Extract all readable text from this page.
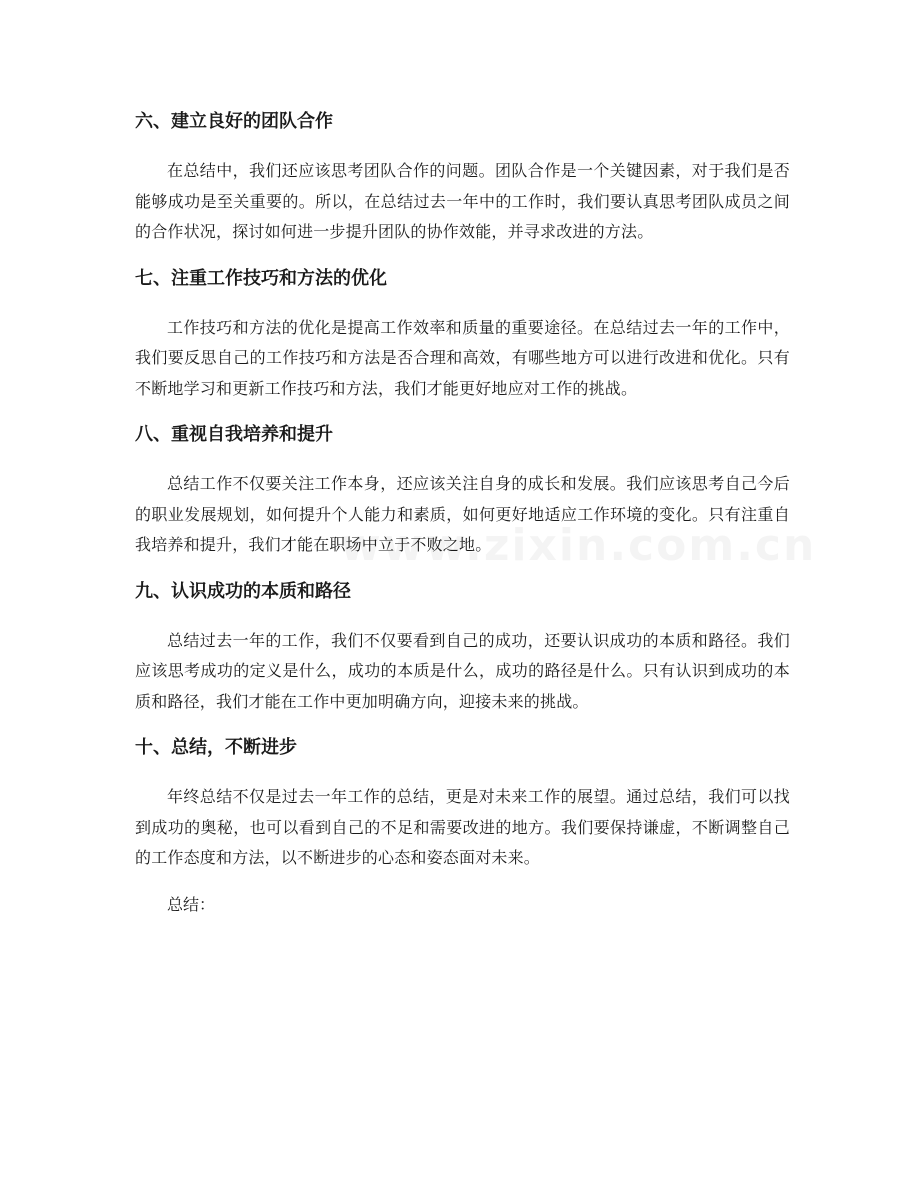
六、建立良好的团队合作

在总结中，我们还应该思考团队合作的问题。团队合作是一个关键因素，对于我们是否能够成功是至关重要的。所以，在总结过去一年中的工作时，我们要认真思考团队成员之间的合作状况，探讨如何进一步提升团队的协作效能，并寻求改进的方法。

七、注重工作技巧和方法的优化

工作技巧和方法的优化是提高工作效率和质量的重要途径。在总结过去一年的工作中，我们要反思自己的工作技巧和方法是否合理和高效，有哪些地方可以进行改进和优化。只有不断地学习和更新工作技巧和方法，我们才能更好地应对工作的挑战。

八、重视自我培养和提升

总结工作不仅要关注工作本身，还应该关注自身的成长和发展。我们应该思考自己今后的职业发展规划，如何提升个人能力和素质，如何更好地适应工作环境的变化。只有注重自我培养和提升，我们才能在职场中立于不败之地。

九、认识成功的本质和路径

总结过去一年的工作，我们不仅要看到自己的成功，还要认识成功的本质和路径。我们应该思考成功的定义是什么，成功的本质是什么，成功的路径是什么。只有认识到成功的本质和路径，我们才能在工作中更加明确方向，迎接未来的挑战。

十、总结，不断进步

年终总结不仅是过去一年工作的总结，更是对未来工作的展望。通过总结，我们可以找到成功的奥秘，也可以看到自己的不足和需要改进的地方。我们要保持谦虚，不断调整自己的工作态度和方法，以不断进步的心态和姿态面对未来。

总结：
